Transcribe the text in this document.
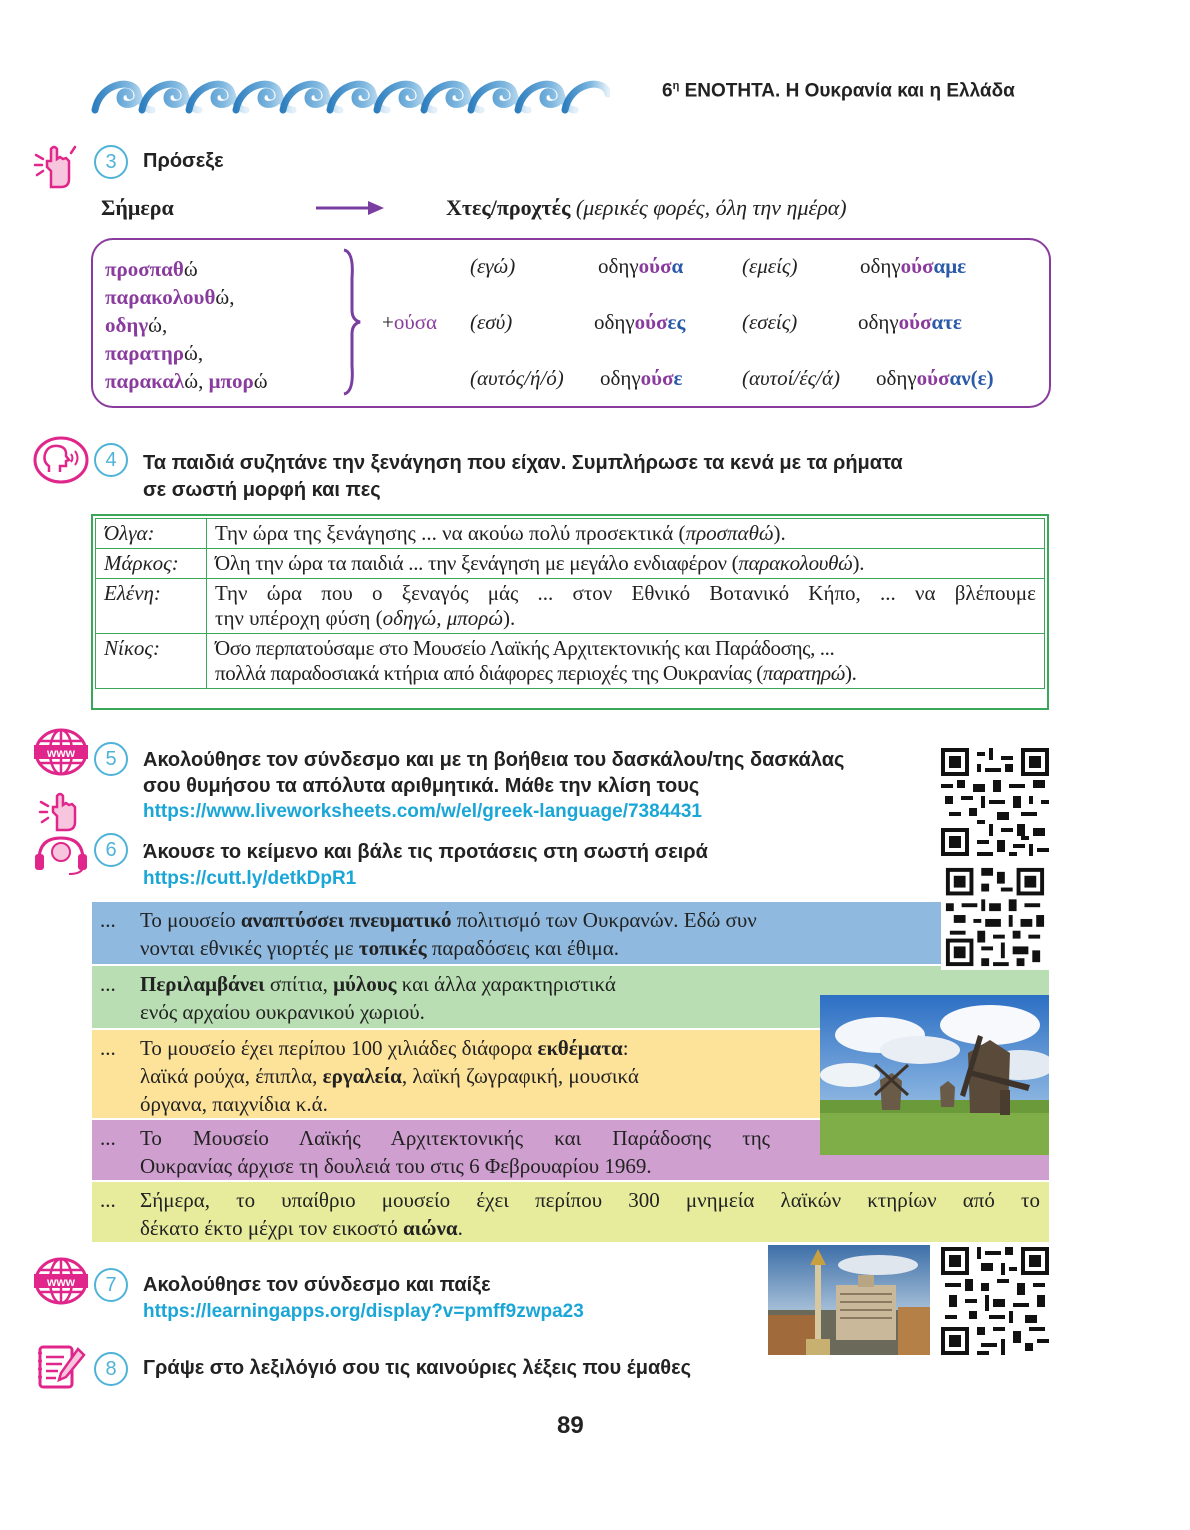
$6^\eta$ ΕΝΟΤΗΤΑ. Η Ουκρανία και η Ελλάδα
3	Πρόσεξε
Σήμερα	Χτες/προχτές (μερικές φορές, όλη την ημέρα)
προσπαθώ
παρακολουθώ,
οδηγώ,
παρατηρώ,
παρακαλώ, μπορώ
+ούσα
(εγώ)	οδηγούσα	(εμείς)	οδηγούσαμε
(εσύ)	οδηγούσες	(εσείς)	οδηγούσατε
(αυτός/ή/ό) οδηγούσε	(αυτοί/ές/ά) οδηγούσαν(ε)
4	Τα παιδιά συζητάνε την ξενάγηση που είχαν. Συμπλήρωσε τα κενά με τα ρήματα
σε σωστή μορφή και πες
Όλγα:	Την ώρα της ξενάγησης ... να ακούω πολύ προσεκτικά (προσπαθώ).
Μάρκος:	Όλη την ώρα τα παιδιά ... την ξενάγηση με μεγάλο ενδιαφέρον (παρακολουθώ).
Ελένη:	Την ώρα που ο ξεναγός μάς ... στον Εθνικό Βοτανικό Κήπο, ... να βλέπουμε
την υπέροχη φύση (οδηγώ, μπορώ).

Νίκος:	Όσο περπατούσαμε στο Μουσείο Λαϊκής Αρχιτεκτονικής και Παράδοσης, ...
πολλά παραδοσιακά κτήρια από διάφορες περιοχές της Ουκρανίας (παρατηρώ).
www	5	Ακολούθησε τον σύνδεσμο και με τη βοήθεια του δασκάλου/της δασκάλας
σου θυμήσου τα απόλυτα αριθμητικά. Μάθε την κλίση τους
https://www.liveworksheets.com/w/el/greek-language/7384431
6	Άκουσε το κείμενο και βάλε τις προτάσεις στη σωστή σειρά
https://cutt.ly/detkDpR1
... Το μουσείο αναπτύσσει πνευματικό πολιτισμό των Ουκρανών. Εδώ συν
νονται εθνικές γιορτές με τοπικές παραδόσεις και έθιμα.
... Περιλαμβάνει σπίτια, μύλους και άλλα χαρακτηριστικά
ενός αρχαίου ουκρανικού χωριού.
... Το μουσείο έχει περίπου 100 χιλιάδες διάφορα εκθέματα:
λαϊκά ρούχα, έπιπλα, εργαλεία, λαϊκή ζωγραφική, μουσικά
όργανα, παιχνίδια κ.ά.
... Το Μουσείο Λαϊκής Αρχιτεκτονικής και Παράδοσης της
Ουκρανίας άρχισε τη δουλειά του στις 6 Φεβρουαρίου 1969.
... Σήμερα, το υπαίθριο μουσείο έχει περίπου 300 μνημεία λαϊκών κτηρίων από το
δέκατο έκτο μέχρι τον εικοστό αιώνα.
www	7	Ακολούθησε τον σύνδεσμο και παίξε
https://learningapps.org/display?v=pmff9zwpa23
8	Γράψε στο λεξιλόγιό σου τις καινούριες λέξεις που έμαθες
89
